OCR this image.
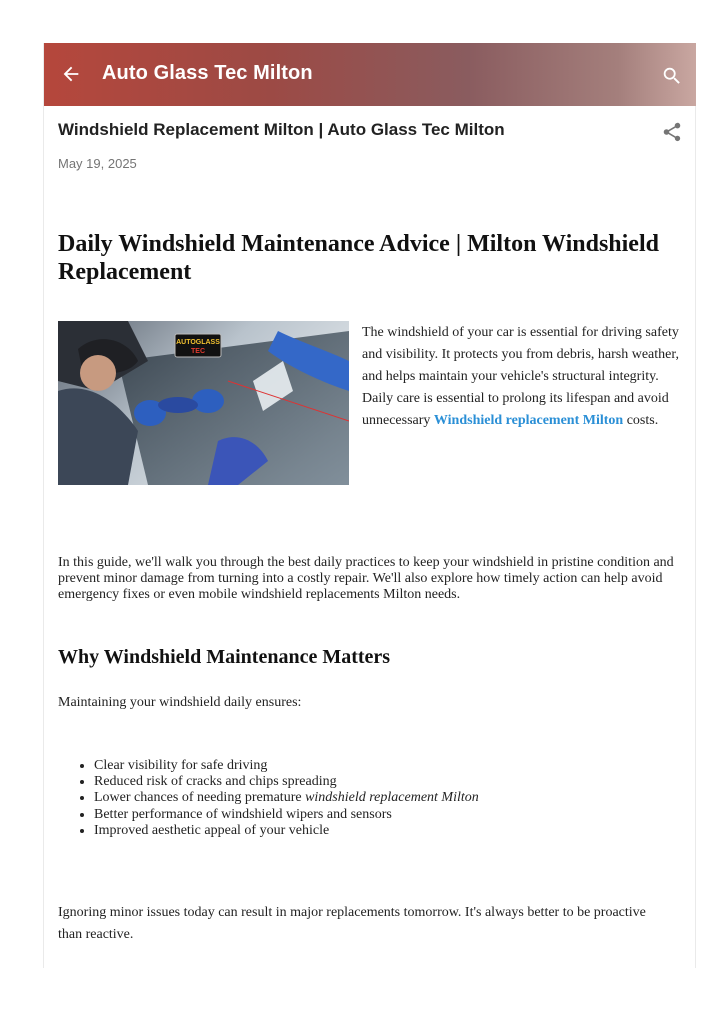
Auto Glass Tec Milton
Windshield Replacement Milton | Auto Glass Tec Milton
May 19, 2025
Daily Windshield Maintenance Advice | Milton Windshield Replacement
AUTOGLASS
TEC
The windshield of your car is essential for driving safety and visibility. It protects you from debris, harsh weather, and helps maintain your vehicle's structural integrity. Daily care is essential to prolong its lifespan and avoid unnecessary Windshield replacement Milton costs.
In this guide, we'll walk you through the best daily practices to keep your windshield in pristine condition and prevent minor damage from turning into a costly repair. We'll also explore how timely action can help avoid emergency fixes or even mobile windshield replacements Milton needs.
Why Windshield Maintenance Matters
Maintaining your windshield daily ensures:
• Clear visibility for safe driving
• Reduced risk of cracks and chips spreading
• Lower chances of needing premature windshield replacement Milton
• Better performance of windshield wipers and sensors
• Improved aesthetic appeal of your vehicle
Ignoring minor issues today can result in major replacements tomorrow. It's always better to be proactive than reactive.
